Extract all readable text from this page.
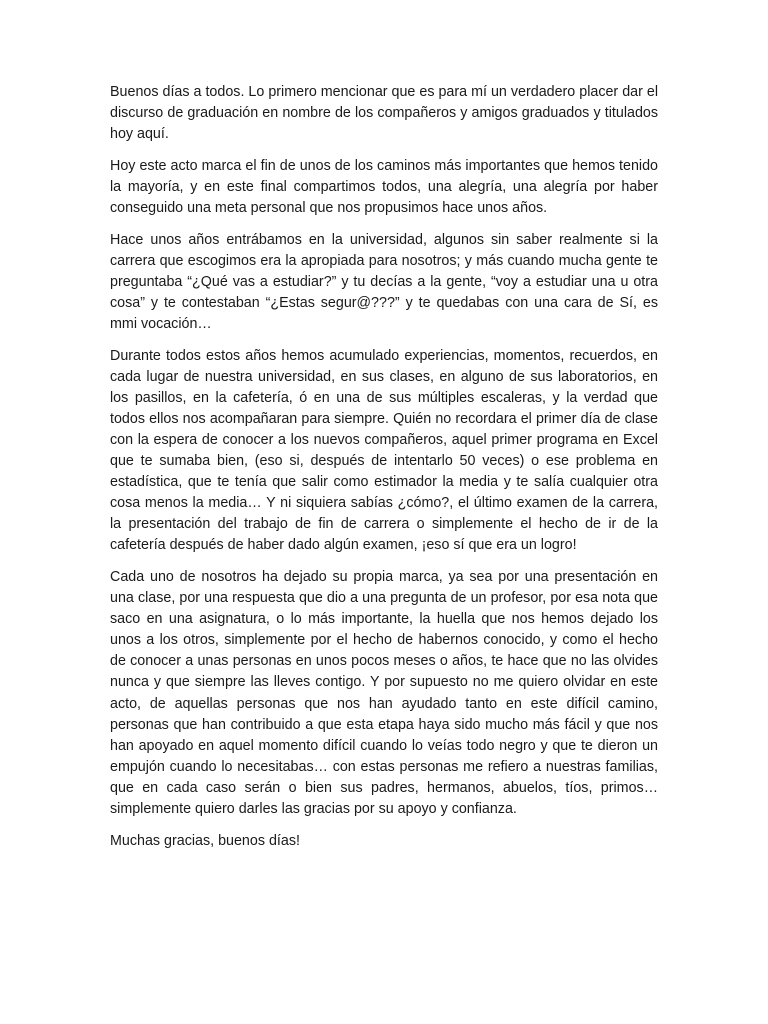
Buenos días a todos. Lo primero mencionar que es para mí un verdadero placer dar el discurso de graduación en nombre de los compañeros y amigos graduados y titulados hoy aquí.

Hoy este acto marca el fin de unos de los caminos más importantes que hemos tenido la mayoría, y en este final compartimos todos, una alegría, una alegría por haber conseguido una meta personal que nos propusimos hace unos años.

Hace unos años entrábamos en la universidad, algunos sin saber realmente si la carrera que escogimos era la apropiada para nosotros; y más cuando mucha gente te preguntaba “¿Qué vas a estudiar?” y tu decías a la gente, “voy a estudiar una u otra cosa” y te contestaban “¿Estas segur@???” y te quedabas con una cara de Sí, es mmi vocación…

Durante todos estos años hemos acumulado experiencias, momentos, recuerdos, en cada lugar de nuestra universidad, en sus clases, en alguno de sus laboratorios, en los pasillos, en la cafetería, ó en una de sus múltiples escaleras, y la verdad que todos ellos nos acompañaran para siempre. Quién no recordara el primer día de clase con la espera de conocer a los nuevos compañeros, aquel primer programa en Excel que te sumaba bien, (eso si, después de intentarlo 50 veces) o ese problema en estadística, que te tenía que salir como estimador la media y te salía cualquier otra cosa menos la media… Y ni siquiera sabías ¿cómo?, el último examen de la carrera, la presentación del trabajo de fin de carrera o simplemente el hecho de ir de la cafetería después de haber dado algún examen, ¡eso sí que era un logro!

Cada uno de nosotros ha dejado su propia marca, ya sea por una presentación en una clase, por una respuesta que dio a una pregunta de un profesor, por esa nota que saco en una asignatura, o lo más importante, la huella que nos hemos dejado los unos a los otros, simplemente por el hecho de habernos conocido, y como el hecho de conocer a unas personas en unos pocos meses o años, te hace que no las olvides nunca y que siempre las lleves contigo. Y por supuesto no me quiero olvidar en este acto, de aquellas personas que nos han ayudado tanto en este difícil camino, personas que han contribuido a que esta etapa haya sido mucho más fácil y que nos han apoyado en aquel momento difícil cuando lo veías todo negro y que te dieron un empujón cuando lo necesitabas… con estas personas me refiero a nuestras familias, que en cada caso serán o bien sus padres, hermanos, abuelos, tíos, primos… simplemente quiero darles las gracias por su apoyo y confianza.

Muchas gracias, buenos días!
